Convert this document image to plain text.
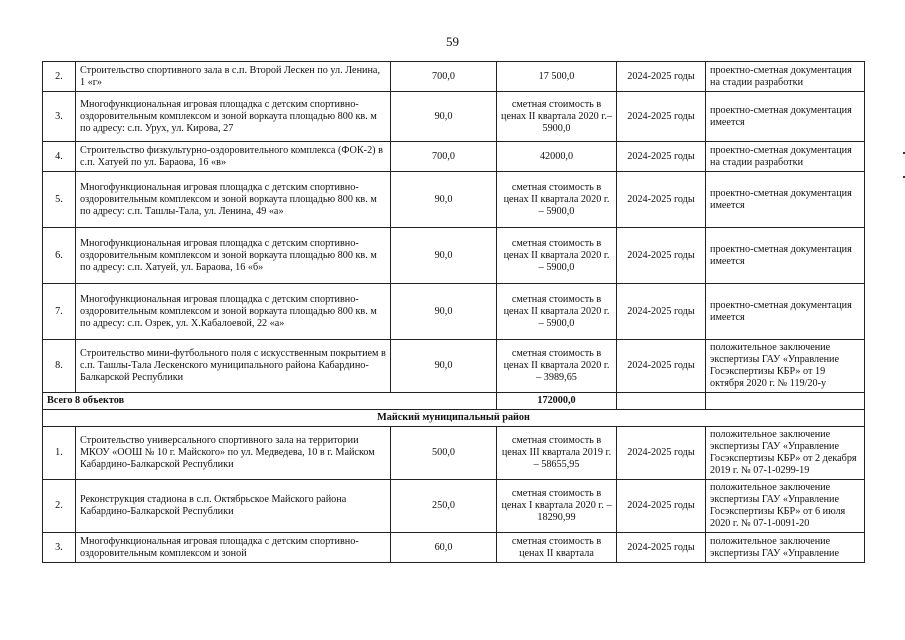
59
2.	Строительство спортивного зала в с.п. Второй Лескен по ул. Ленина, 1 «г»	700,0	17 500,0	2024-2025 годы	проектно-сметная документация на стадии разработки
3.	Многофункциональная игровая площадка с детским спортивно- оздоровительным комплексом и зоной воркаута площадью 800 кв. м по адресу: с.п. Урух, ул. Кирова, 27	90,0	сметная стоимость в ценах II квартала 2020 г.– 5900,0	2024-2025 годы	проектно-сметная документация имеется
4.	Строительство физкультурно-оздоровительного комплекса (ФОК-2) в с.п. Хатуей по ул. Бараова, 16 «в»	700,0	42000,0	2024-2025 годы	проектно-сметная документация на стадии разработки
5.	Многофункциональная игровая площадка с детским спортивно-оздоровительным комплексом и зоной воркаута площадью 800 кв. м по адресу: с.п. Ташлы-Тала, ул. Ленина, 49 «а»	90,0	сметная стоимость в ценах II квартала 2020 г. – 5900,0	2024-2025 годы	проектно-сметная документация имеется
6.	Многофункциональная игровая площадка с детским спортивно-оздоровительным комплексом и зоной воркаута площадью 800 кв. м по адресу: с.п. Хатуей, ул. Бараова, 16 «б»	90,0	сметная стоимость в ценах II квартала 2020 г. – 5900,0	2024-2025 годы	проектно-сметная документация имеется
7.	Многофункциональная игровая площадка с детским спортивно-оздоровительным комплексом и зоной воркаута площадью 800 кв. м по адресу: с.п. Озрек, ул. Х.Кабалоевой, 22 «а»	90,0	сметная стоимость в ценах II квартала 2020 г. – 5900,0	2024-2025 годы	проектно-сметная документация имеется
8.	Строительство мини-футбольного поля с искусственным покрытием в с.п. Ташлы-Тала Лескенского муниципального района Кабардино-Балкарской Республики	90,0	сметная стоимость в ценах II квартала 2020 г. – 3989,65	2024-2025 годы	положительное заключение экспертизы ГАУ «Управление Госэкспертизы КБР» от 19 октября 2020 г. № 119/20-у
Всего 8 объектов			172000,0		
Майский муниципальный район					
1.	Строительство универсального спортивного зала на территории МКОУ «ООШ № 10 г. Майского» по ул. Медведева, 10 в г. Майском Кабардино-Балкарской Республики	500,0	сметная стоимость в ценах III квартала 2019 г. – 58655,95	2024-2025 годы	положительное заключение экспертизы ГАУ «Управление Госэкспертизы КБР» от 2 декабря 2019 г. № 07-1-0299-19
2.	Реконструкция стадиона в с.п. Октябрьское Майского района Кабардино-Балкарской Республики	250,0	сметная стоимость в ценах I квартала 2020 г. – 18290,99	2024-2025 годы	положительное заключение экспертизы ГАУ «Управление Госэкспертизы КБР» от 6 июля 2020 г. № 07-1-0091-20
3.	Многофункциональная игровая площадка с детским спортивно-оздоровительным комплексом и зоной	60,0	сметная стоимость в ценах II квартала	2024-2025 годы	положительное заключение экспертизы ГАУ «Управление
